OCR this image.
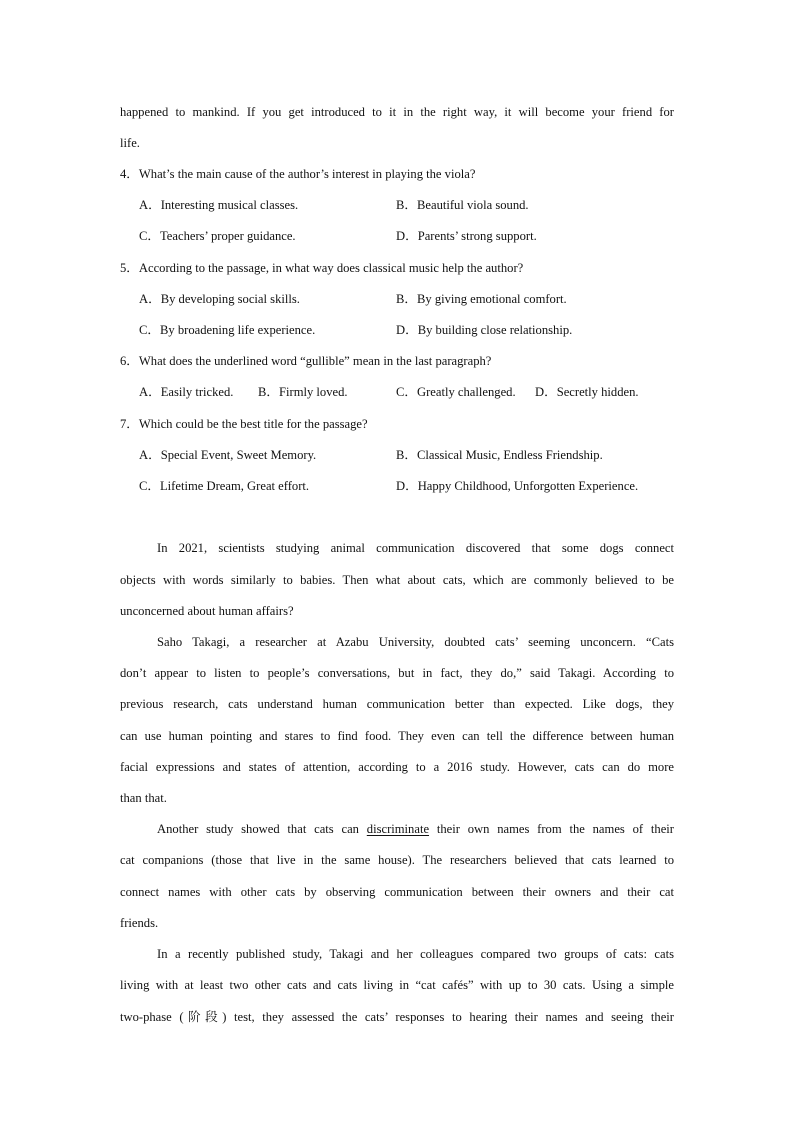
happened to mankind. If you get introduced to it in the right way, it will become your friend for
life.
4．What’s the main cause of the author’s interest in playing the viola?
A．Interesting musical classes.	B．Beautiful viola sound.
C．Teachers’ proper guidance.	D．Parents’ strong support.
5．According to the passage, in what way does classical music help the author?
A．By developing social skills.	B．By giving emotional comfort.
C．By broadening life experience.	D．By building close relationship.
6．What does the underlined word “gullible” mean in the last paragraph?
A．Easily tricked. B．Firmly loved.	C．Greatly challenged. D．Secretly hidden.
7．Which could be the best title for the passage?
A．Special Event, Sweet Memory.	B．Classical Music, Endless Friendship.
C．Lifetime Dream, Great effort.	D．Happy Childhood, Unforgotten Experience.
In 2021, scientists studying animal communication discovered that some dogs connect
objects with words similarly to babies. Then what about cats, which are commonly believed to be
unconcerned about human affairs?
Saho Takagi, a researcher at Azabu University, doubted cats’ seeming unconcern. “Cats
don’t appear to listen to people’s conversations, but in fact, they do,” said Takagi. According to
previous research, cats understand human communication better than expected. Like dogs, they
can use human pointing and stares to find food. They even can tell the difference between human
facial expressions and states of attention, according to a 2016 study. However, cats can do more
than that.
Another study showed that cats can discriminate their own names from the names of their
cat companions (those that live in the same house). The researchers believed that cats learned to
connect names with other cats by observing communication between their owners and their cat
friends.
In a recently published study, Takagi and her colleagues compared two groups of cats: cats
living with at least two other cats and cats living in “cat cafés” with up to 30 cats. Using a simple
two-phase (阶段) test, they assessed the cats’ responses to hearing their names and seeing their
